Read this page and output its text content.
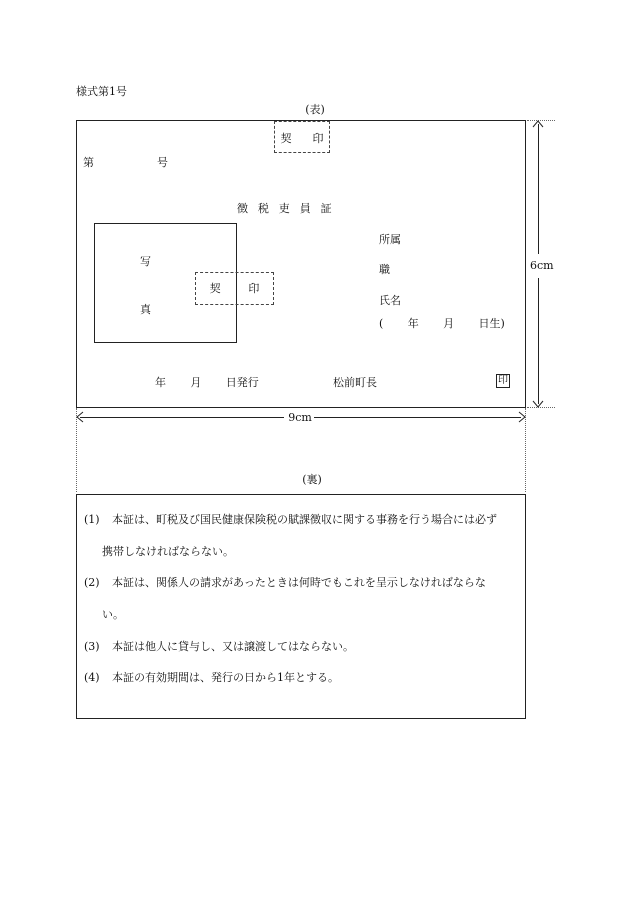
様式第1号
(表)
契 印
第	号
徴税吏員証
写
真
契 印
所属
職
氏名
( 年 月 日生)
年 月 日発行	松前町長	印
6cm
9cm
(裏)
(1) 本証は、町税及び国民健康保険税の賦課徴収に関する事務を行う場合には必ず
携帯しなければならない。
(2) 本証は、関係人の請求があったときは何時でもこれを呈示しなければならな
い。
(3) 本証は他人に貸与し、又は譲渡してはならない。
(4) 本証の有効期間は、発行の日から1年とする。
